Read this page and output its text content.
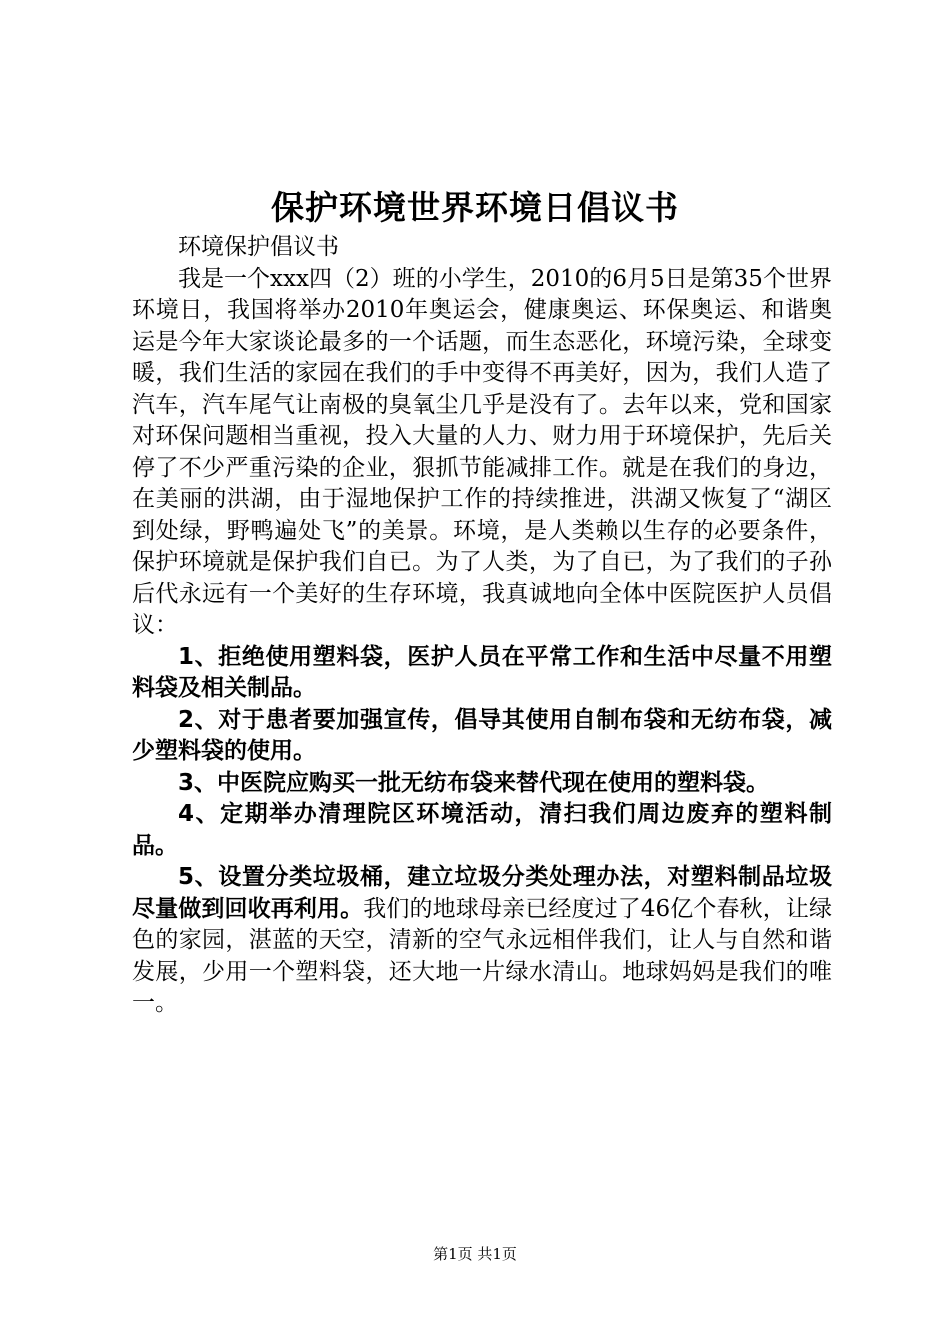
保护环境世界环境日倡议书

环境保护倡议书

我是一个xxx四（2）班的小学生，2010的6月5日是第35个世界环境日，我国将举办2010年奥运会，健康奥运、环保奥运、和谐奥运是今年大家谈论最多的一个话题，而生态恶化，环境污染，全球变暖，我们生活的家园在我们的手中变得不再美好，因为，我们人造了汽车，汽车尾气让南极的臭氧尘几乎是没有了。去年以来，党和国家对环保问题相当重视，投入大量的人力、财力用于环境保护，先后关停了不少严重污染的企业，狠抓节能减排工作。就是在我们的身边，在美丽的洪湖，由于湿地保护工作的持续推进，洪湖又恢复了“湖区到处绿，野鸭遍处飞”的美景。环境，是人类赖以生存的必要条件，保护环境就是保护我们自已。为了人类，为了自已，为了我们的子孙后代永远有一个美好的生存环境，我真诚地向全体中医院医护人员倡议：

1、拒绝使用塑料袋，医护人员在平常工作和生活中尽量不用塑料袋及相关制品。

2、对于患者要加强宣传，倡导其使用自制布袋和无纺布袋，减少塑料袋的使用。

3、中医院应购买一批无纺布袋来替代现在使用的塑料袋。

4、定期举办清理院区环境活动，清扫我们周边废弃的塑料制品。

5、设置分类垃圾桶，建立垃圾分类处理办法，对塑料制品垃圾尽量做到回收再利用。我们的地球母亲已经度过了46亿个春秋，让绿色的家园，湛蓝的天空，清新的空气永远相伴我们，让人与自然和谐发展，少用一个塑料袋，还大地一片绿水清山。地球妈妈是我们的唯一。

第1页 共1页
